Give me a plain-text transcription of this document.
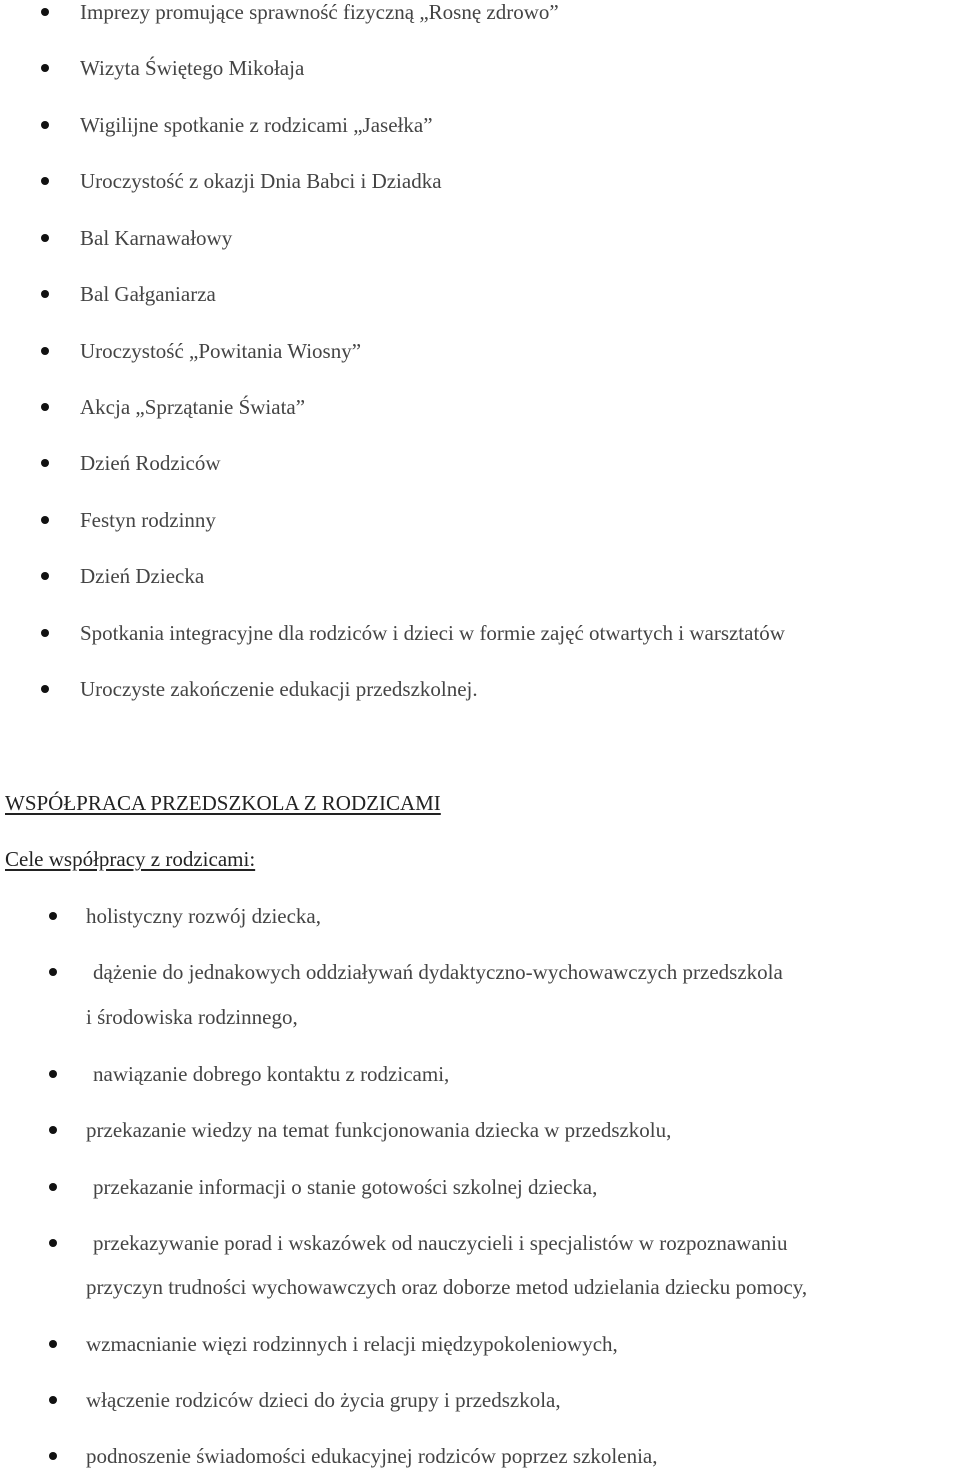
Imprezy promujące sprawność fizyczną „Rosnę zdrowo”
Wizyta Świętego Mikołaja
Wigilijne spotkanie z rodzicami „Jasełka”
Uroczystość z okazji Dnia Babci i Dziadka
Bal Karnawałowy
Bal Gałganiarza
Uroczystość „Powitania Wiosny”
Akcja „Sprzątanie Świata”
Dzień Rodziców
Festyn rodzinny
Dzień Dziecka
Spotkania integracyjne dla rodziców i dzieci w formie zajęć otwartych i warsztatów
Uroczyste zakończenie edukacji przedszkolnej.
WSPÓŁPRACA PRZEDSZKOLA Z RODZICAMI
Cele współpracy z rodzicami:
holistyczny rozwój dziecka,
dążenie do jednakowych oddziaływań dydaktyczno-wychowawczych przedszkola
i środowiska rodzinnego,
nawiązanie dobrego kontaktu z rodzicami,
przekazanie wiedzy na temat funkcjonowania dziecka w przedszkolu,
przekazanie informacji o stanie gotowości szkolnej dziecka,
przekazywanie porad i wskazówek od nauczycieli i specjalistów w rozpoznawaniu
przyczyn trudności wychowawczych oraz doborze metod udzielania dziecku pomocy,
wzmacnianie więzi rodzinnych i relacji międzypokoleniowych,
włączenie rodziców dzieci do życia grupy i przedszkola,
podnoszenie świadomości edukacyjnej rodziców poprzez szkolenia,
